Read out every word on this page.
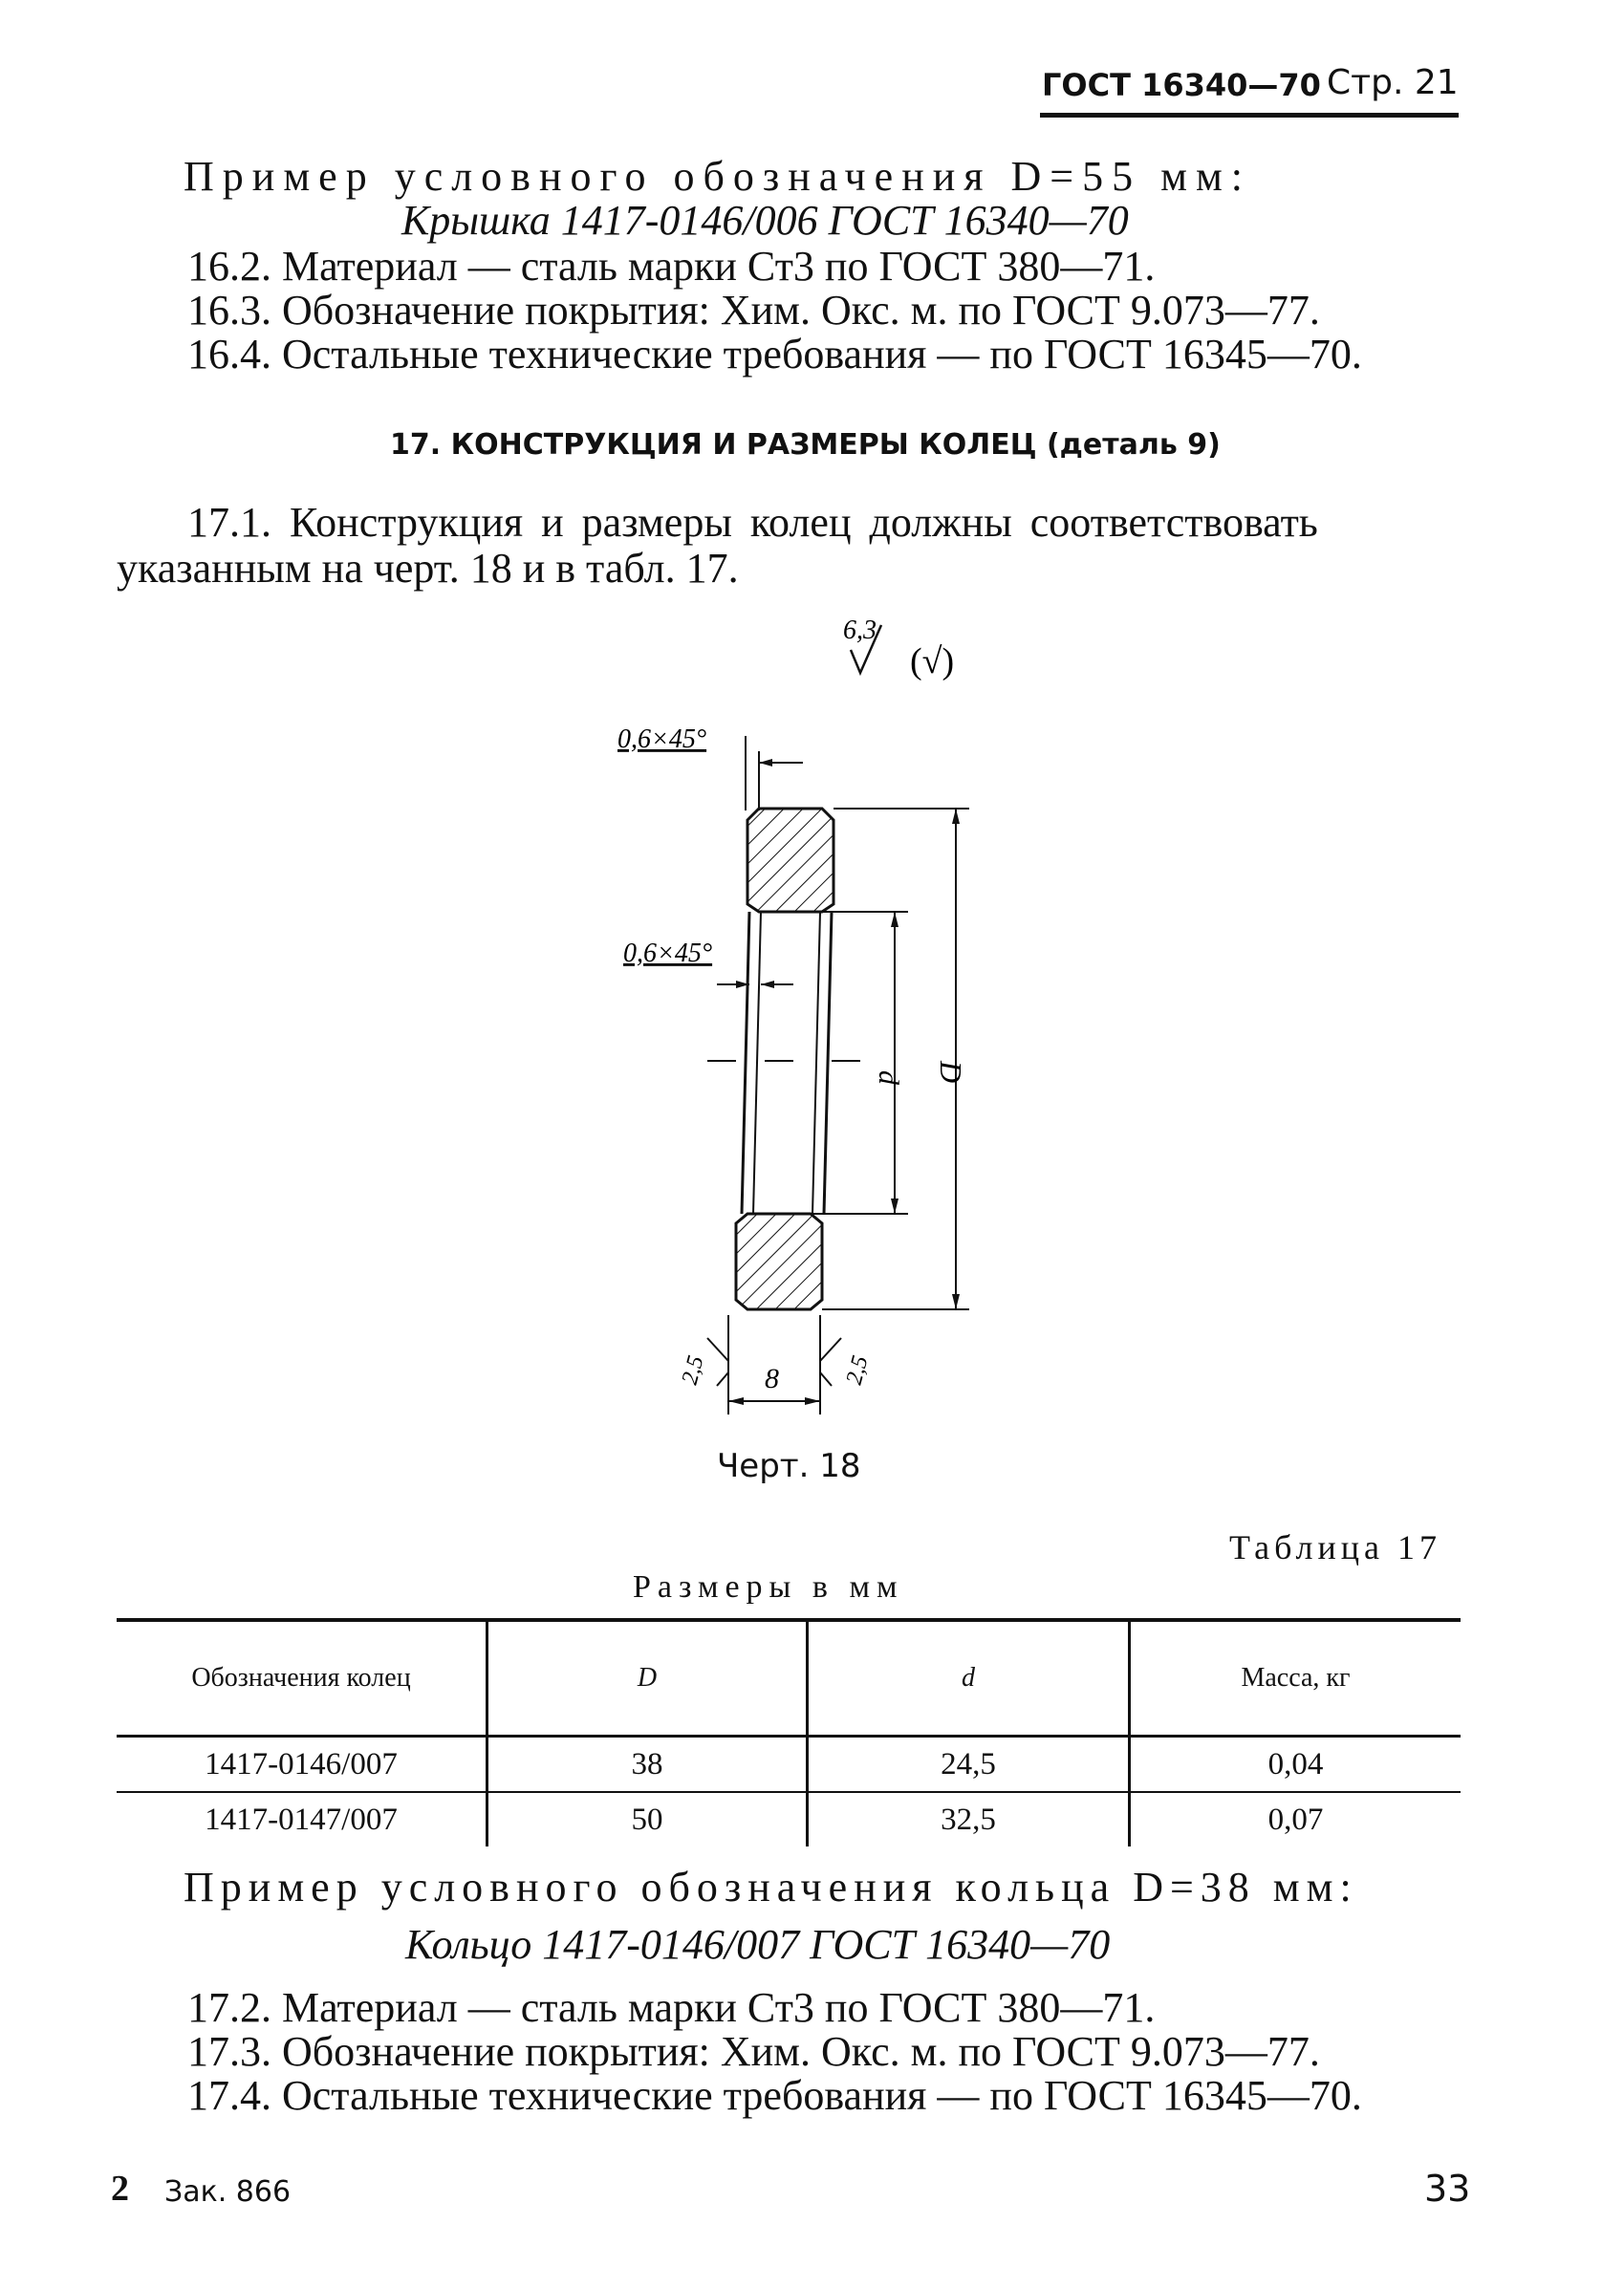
ГОСТ 16340—70 Стр. 21
Пример условного обозначения D=55 мм:
Крышка 1417-0146/006 ГОСТ 16340—70
16.2. Материал — сталь марки Ст3 по ГОСТ 380—71.
16.3. Обозначение покрытия: Хим. Окс. м. по ГОСТ 9.073—77.
16.4. Остальные технические требования — по ГОСТ 16345—70.
17. КОНСТРУКЦИЯ И РАЗМЕРЫ КОЛЕЦ (деталь 9)
17.1. Конструкция и размеры колец должны соответствовать
указанным на черт. 18 и в табл. 17.
6,3
(√)
0,6×45°
0,6×45°
d D
8
2,5	2,5
Черт. 18
Таблица 17
Размеры в мм
Обозначения колец	D	d	Масса, кг
1417-0146/007	38	24,5	0,04
1417-0147/007	50	32,5	0,07
Пример условного обозначения кольца D=38 мм:
Кольцо 1417-0146/007 ГОСТ 16340—70
17.2. Материал — сталь марки Ст3 по ГОСТ 380—71.
17.3. Обозначение покрытия: Хим. Окс. м. по ГОСТ 9.073—77.
17.4. Остальные технические требования — по ГОСТ 16345—70.
2 Зак. 866	33
